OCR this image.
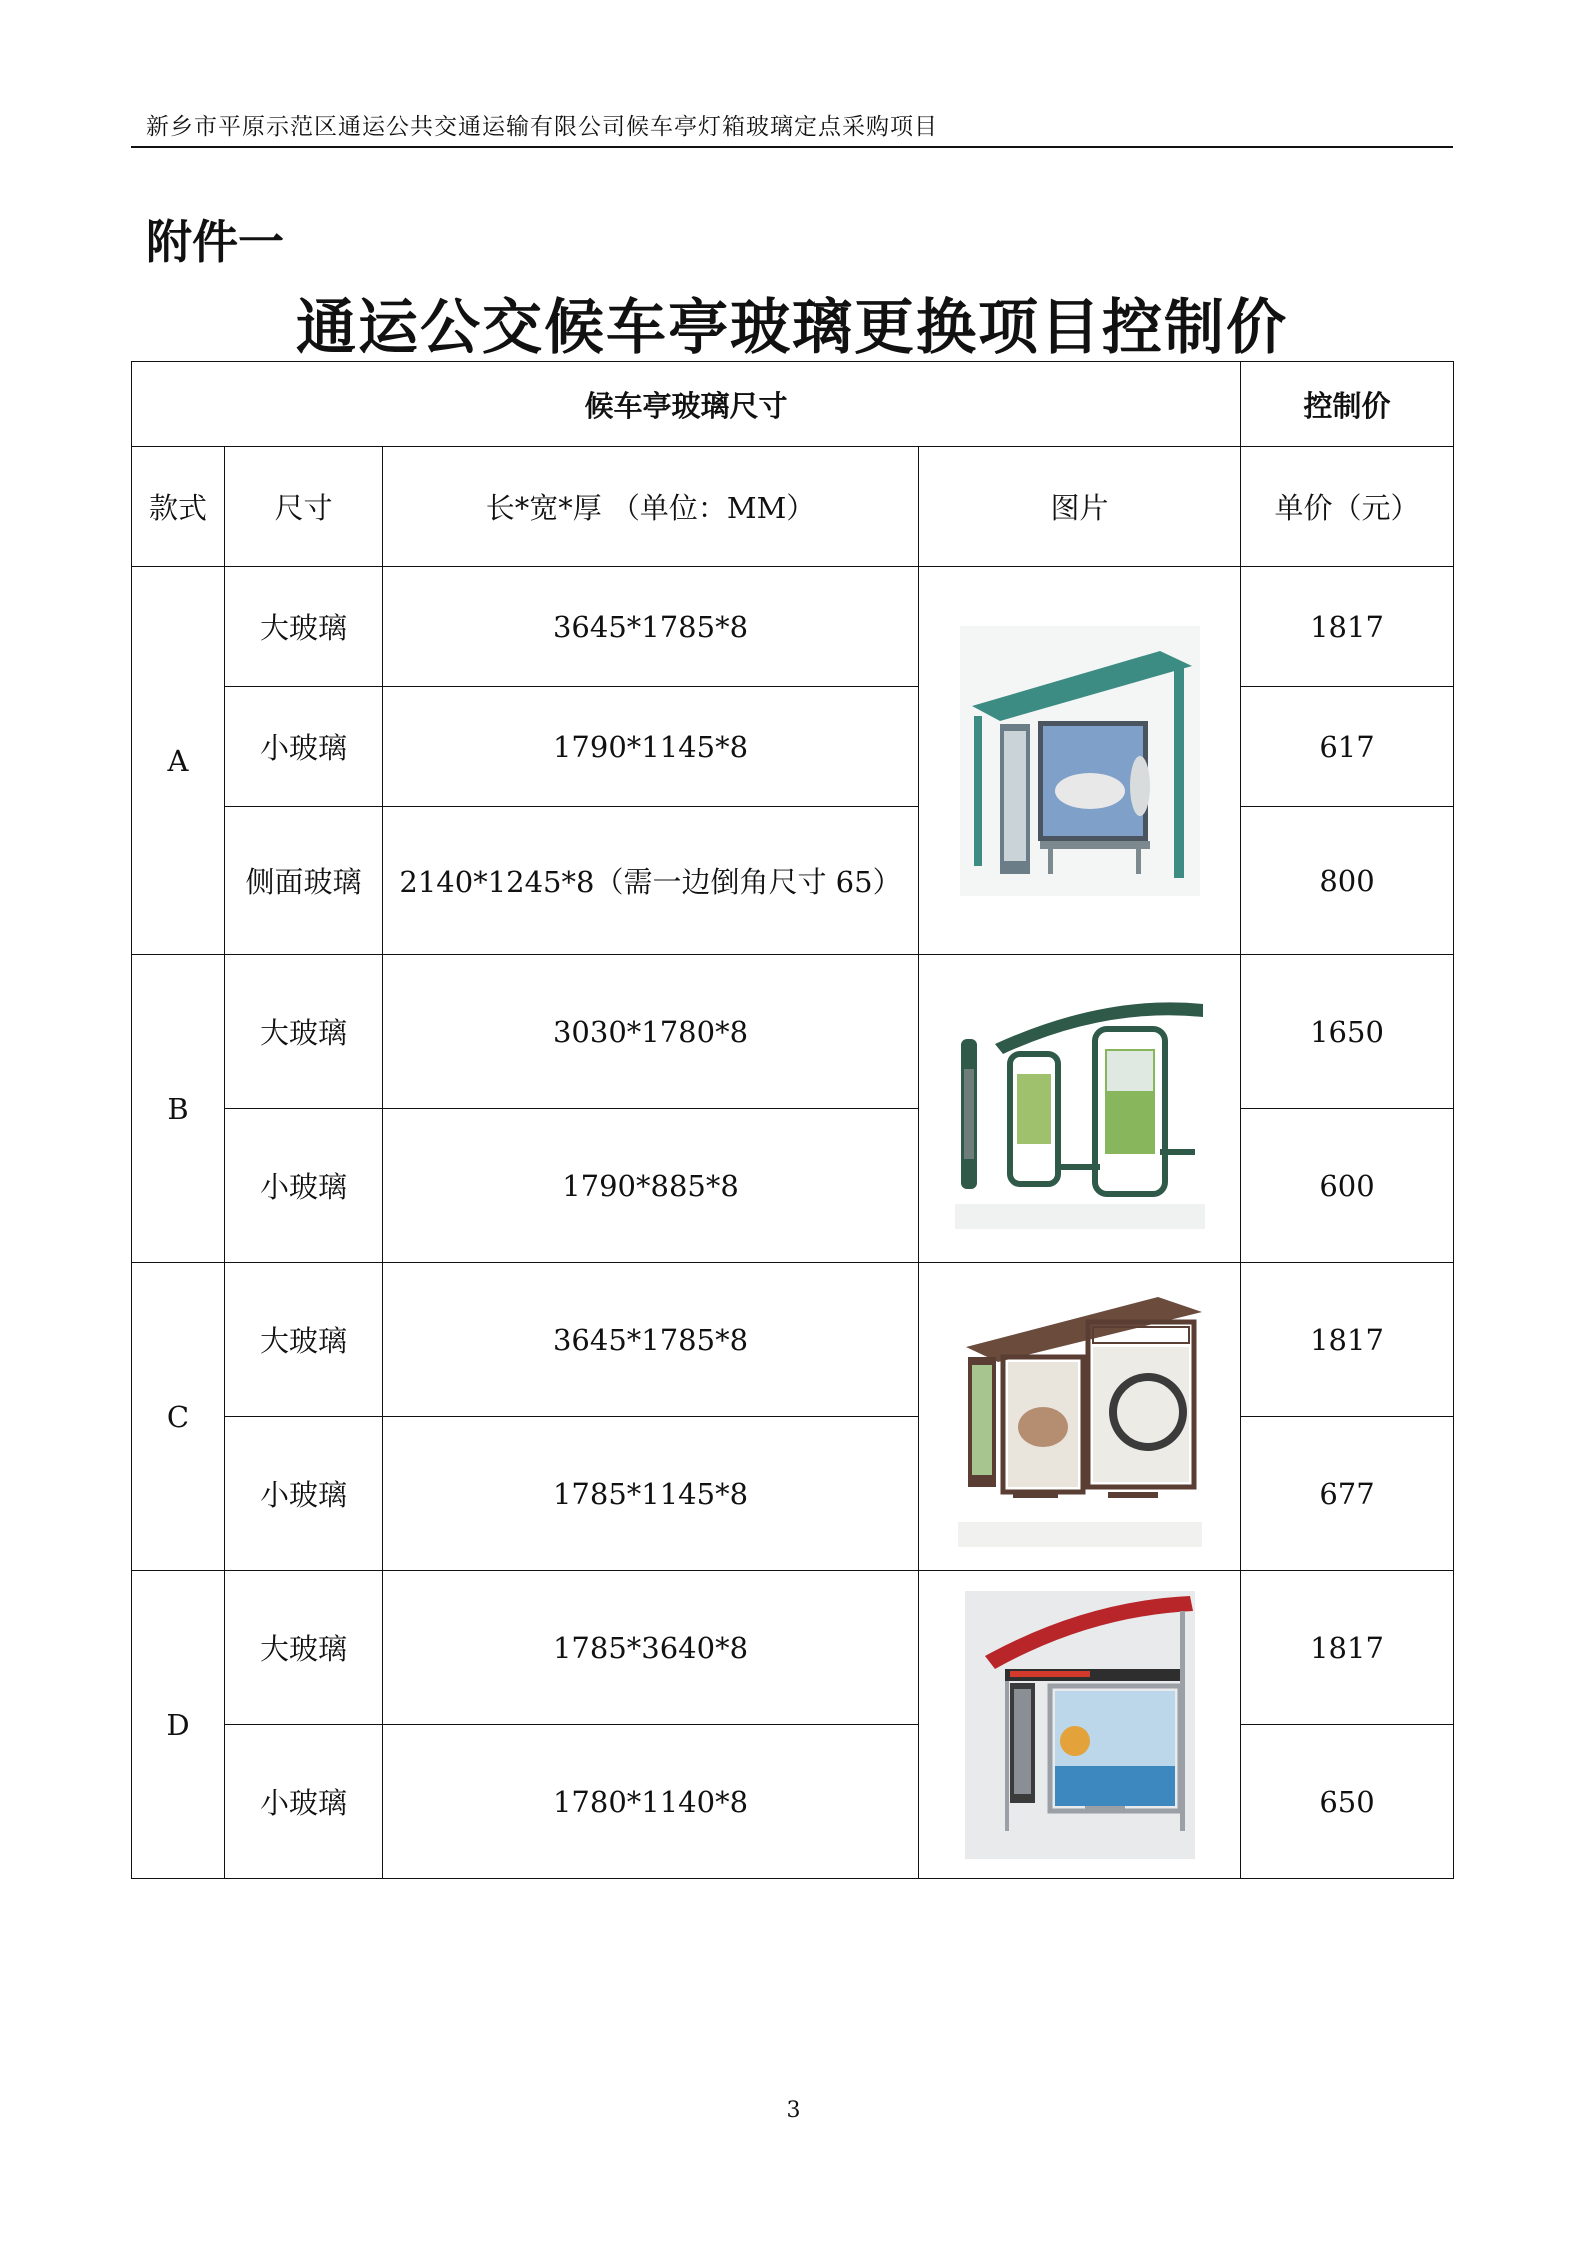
新乡市平原示范区通运公共交通运输有限公司候车亭灯箱玻璃定点采购项目
附件一
通运公交候车亭玻璃更换项目控制价
候车亭玻璃尺寸				控制价
款式	尺寸	长*宽*厚 （单位：MM）	图片	单价（元）
A	大玻璃	3645*1785*8		1817
	小玻璃	1790*1145*8		617
	侧面玻璃	2140*1245*8（需一边倒角尺寸 65）		800
B	大玻璃	3030*1780*8		1650
	小玻璃	1790*885*8		600
C	大玻璃	3645*1785*8		1817
	小玻璃	1785*1145*8		677
D	大玻璃	1785*3640*8		1817
	小玻璃	1780*1140*8		650
3
